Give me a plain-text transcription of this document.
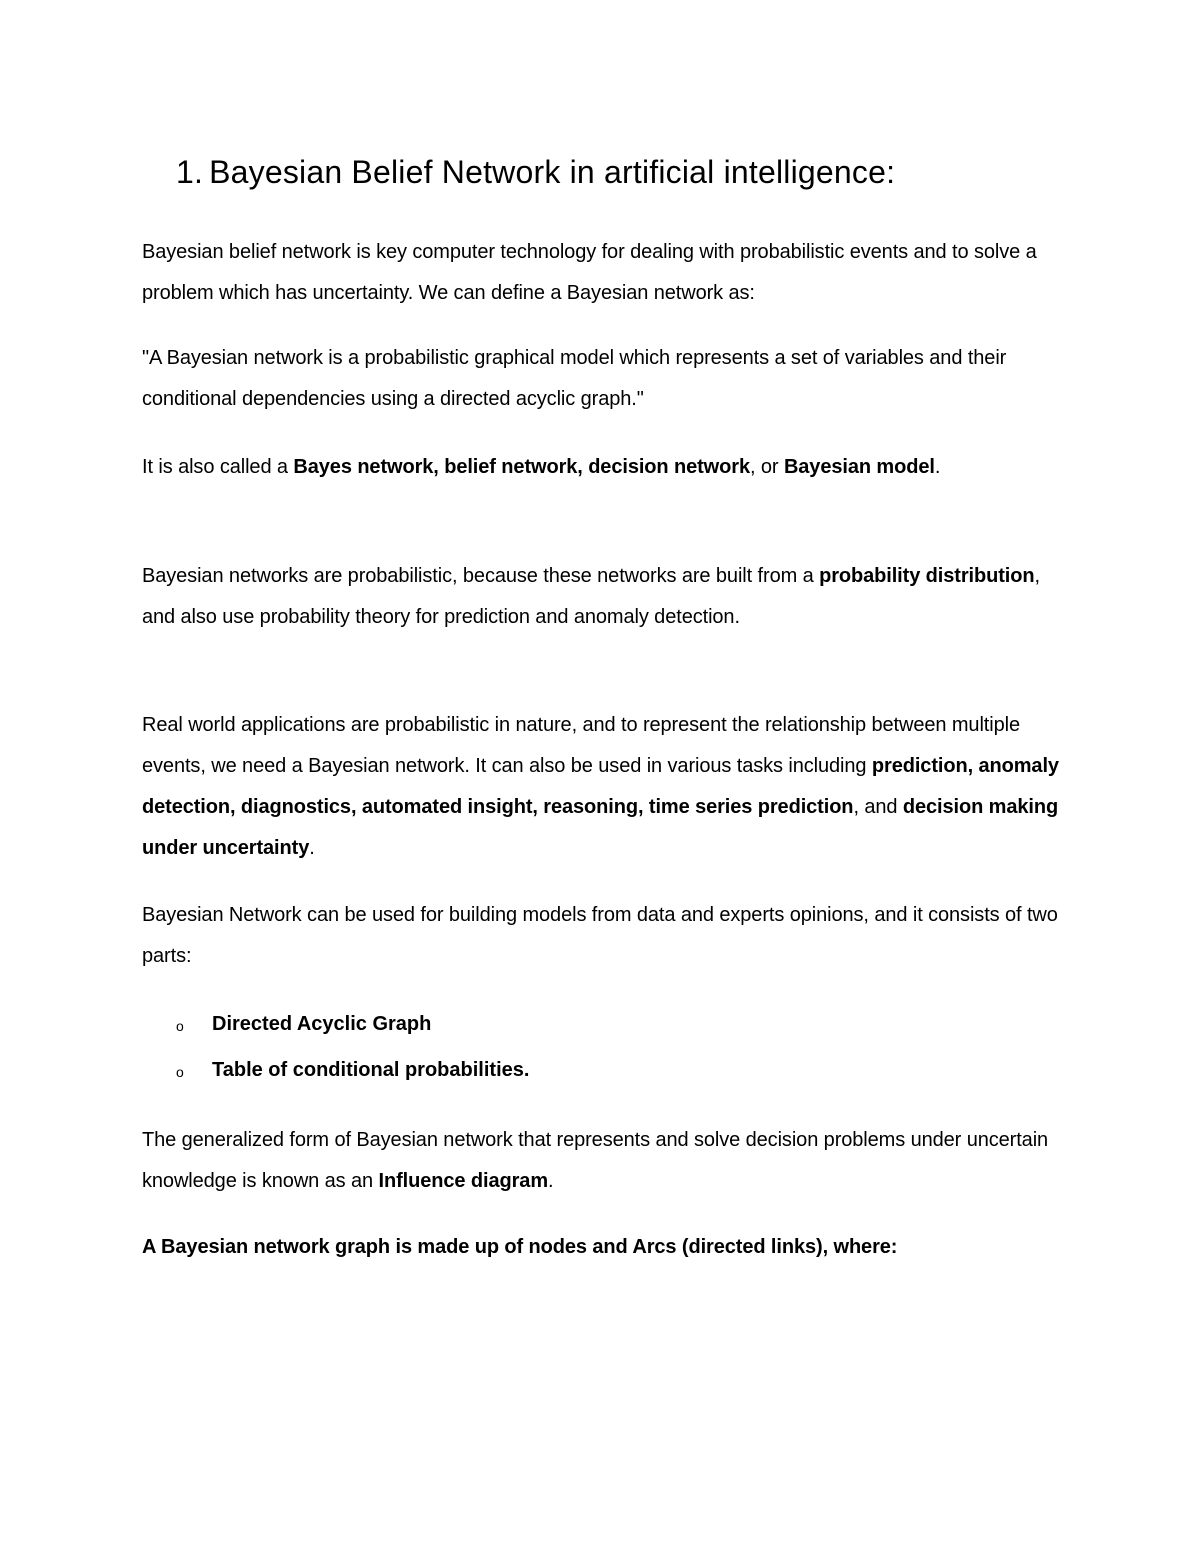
1. Bayesian Belief Network in artificial intelligence:

Bayesian belief network is key computer technology for dealing with probabilistic events and to solve a problem which has uncertainty. We can define a Bayesian network as:

"A Bayesian network is a probabilistic graphical model which represents a set of variables and their conditional dependencies using a directed acyclic graph."

It is also called a Bayes network, belief network, decision network, or Bayesian model.

Bayesian networks are probabilistic, because these networks are built from a probability distribution, and also use probability theory for prediction and anomaly detection.

Real world applications are probabilistic in nature, and to represent the relationship between multiple events, we need a Bayesian network. It can also be used in various tasks including prediction, anomaly detection, diagnostics, automated insight, reasoning, time series prediction, and decision making under uncertainty.

Bayesian Network can be used for building models from data and experts opinions, and it consists of two parts:

o Directed Acyclic Graph
o Table of conditional probabilities.

The generalized form of Bayesian network that represents and solve decision problems under uncertain knowledge is known as an Influence diagram.

A Bayesian network graph is made up of nodes and Arcs (directed links), where:
